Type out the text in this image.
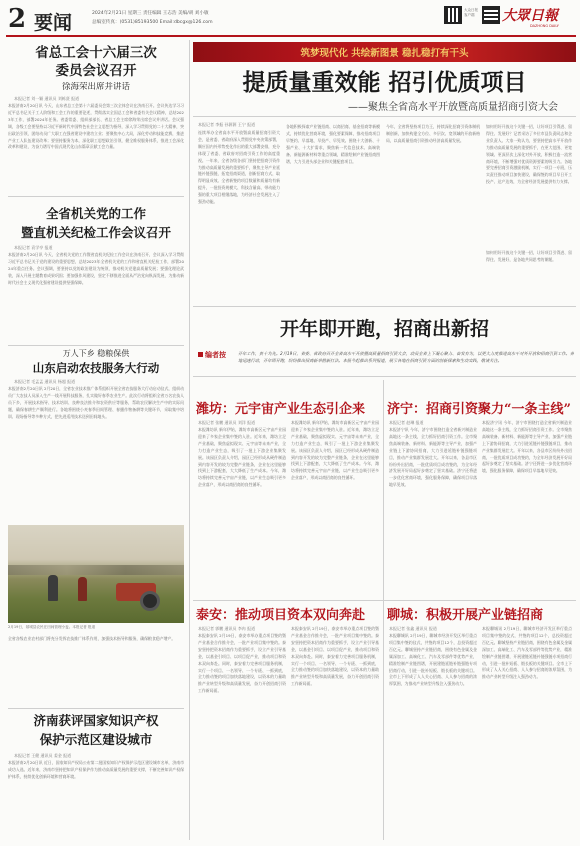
2 要闻	2024年2月21日 星期三 责任编辑 王志浩 美编/胡 刘小敏
总编室传真：(0531)85193500 Email:dbcgx@126.com
大众日报
客户端 大眾日報
DAZHONG DAILY
省总工会十六届三次
委员会议召开
徐海荣出席并讲话
本报记者 刘一颖 通讯员 刘栋贤 报道
本报济南2月20日讯 今天，山东省总工会第十六届委员会第三次全体会议在济南召开。会议传达学习习近平总书记关于工人阶级和工会工作的重要论述，贯彻落实全国总工会和省委有关会议精神，总结2023年工作，部署2024年任务。省委常委、组织部部长、省总工会主席徐海荣出席会议并讲话。会议强调，各级工会要坚持以习近平新时代中国特色社会主义思想为指导，深入学习贯彻党的二十大精神，突出政治引领，团结动员广大职工在强省建设中建功立业；要聚焦中心大局，深化劳动和技能竞赛，推进产业工人队伍建设改革；要坚持服务为本，深化职工思想政治引领，健全维权服务体系，推进工会深化改革和建设，为奋力谱写中国式现代化山东篇章贡献工会力量。
全省机关党的工作
暨直机关纪检工作会议召开
本报记者 袁学亭 报道
本报济南2月20日讯 今天，全省机关党的工作暨省直机关纪检工作会议在济南召开，会议深入学习贯彻习近平总书记关于党的建设的重要思想，总结2023年全省机关党的工作和省直机关纪检工作，部署2024年重点任务。会议强调，要坚持以党的政治建设为统领，推动机关党建高质量发展；要强化理论武装，深入开展主题教育成果巩固；要加强作风建设，坚定不移推进全面从严治党向纵深发展，为推动新时代社会主义现代化强省建设提供坚强保障。
万人下乡 稳粮保供
山东启动农技服务大行动
本报记者 毛孟孟 通讯员 杨超 报道
本报济南2月20日讯 2月20日，全省农业技术推广体系组织开展全省农技服务大行动启动仪式，组织动员广大农技人员深入生产一线开展科技服务，扎实做好春季农业生产。此次行动将组织全省万名农技人员下乡，开展技术指导、技术培训、良种良法推介和农资供应等服务，帮助农民解决生产中的实际问题，确保春耕生产顺利进行。各地将围绕小麦春季田间管理、春播作物备耕等关键环节，采取集中培训、现场指导等多种方式，把先进适用技术送到田间地头。
2月19日，郯城县农民在田间管理小麦。本报记者 报道
全省各级农业农村部门将充分发挥农技推广体系作用，加强技术指导和服务，确保粮食稳产增产。
济南获评国家知识产权
保护示范区建设城市
本报记者 王健 通讯员 姜金 报道
本报济南2月20日讯 近日，国家知识产权局公布第二批国家知识产权保护示范区建设城市名单，济南市成功入选。近年来，济南市坚持把知识产权保护作为推动高质量发展的重要支撑，不断完善知识产权保护体系，持续优化创新环境和营商环境。
筑梦现代化 共绘新图景 稳扎稳打有干头
提质量重效能 招引优质项目
——聚焦全省高水平开放暨高质量招商引资大会
本报记者 李振 孙源源 王宁 报道
连续举办全省高水平开放暨高质量招商引资大会，是省委、省政府深入贯彻党中央决策部署，顺应国内外形势变化作出的重大部署安排，充分体现了省委、省政府对招商引资工作的高度重视。一年来，全省各级各部门坚持把招商引资作为推动高质量发展的重要抓手，聚焦主导产业延链补链强链，拓宽招商渠道，创新招商方式，取得明显成效。全省新签约项目数量和质量均有新提升，一批投资规模大、科技含量高、带动能力强的重大项目相继落地，为经济社会发展注入了强劲动能。
各地积极探索产业链招商、以商招商、基金招商等新模式，持续优化营商环境，强化要素保障，推动招商项目早签约、早落地、早投产、早见效。围绕十大创新、十强产业、十大扩需求，聚焦新一代信息技术、高端装备、新能源新材料等重点领域，精准绘制产业链招商图谱，大力引进头部企业和关键配套项目。
今年，全省将坚持项目为王，持续深化招商引资体制机制创新，加快构建全方位、多层次、宽领域的开放新格局，以高质量招商引资推动经济高质量发展。
如何用好开放这个关键一招，让好项目引得进、留得住、发展好？记者采访了多位市县负责同志和企业负责人。大家一致认为，要坚持把高水平开放作为推动高质量发展的重要抓手，在更大范围、更宽领域、更深层次上深化对外开放，积极打造一流营商环境，不断增强对优质资源要素的吸引力。各地要完善招商引资激励机制，实行一项目一专班，压实责任推动项目加快建设，确保签约项目早日开工投产、达产达效，为全省经济发展提供有力支撑。
如何用好开放这个关键一招，让好项目引得进、留得住、发展好，是各地共同思考的课题。
开年即开跑，招商出新招
编者按	开年工作，贵十为先。2月19日，省委、省政府召开全省高水平开放暨高质量招商引资大会，动员全省上下凝心聚力、奋发有为，以更大力度推进高水平对外开放和招商引资工作。各地迅速行动，开年即开跑，纷纷推出招商新举措新打法。本报今起推出系列报道，展示各地在招商引资方面的创新探索和生动实践，敬请关注。
潍坊：元宇宙产业生态引企来
本报记者 张鹏 通讯员 刘洋 报道
本报潍坊讯 新年伊始，潍坊市高新区元宇宙产业园迎来了多家企业集中签约入驻。近年来，潍坊立足产业基础，聚焦虚拟现实、元宇宙等未来产业，全力打造产业生态，吸引了一批上下游企业集聚发展。该园区负责人介绍，园区已经形成从硬件制造到内容开发的较为完整产业链条，企业在这里能够找到上下游配套，大大降低了生产成本。今年，潍坊将持续完善元宇宙产业链，以产业生态吸引更多企业落户，形成以商招商的良性循环。
本报潍坊讯 新年伊始，潍坊市高新区元宇宙产业园迎来了多家企业集中签约入驻。近年来，潍坊立足产业基础，聚焦虚拟现实、元宇宙等未来产业，全力打造产业生态，吸引了一批上下游企业集聚发展。该园区负责人介绍，园区已经形成从硬件制造到内容开发的较为完整产业链条，企业在这里能够找到上下游配套，大大降低了生产成本。今年，潍坊将持续完善元宇宙产业链，以产业生态吸引更多企业落户，形成以商招商的良性循环。
济宁：招商引资聚力“一条主线”
本报记者 赵琳 报道
本报济宁讯 今年，济宁市围绕打造全省新兴制造业高地这一条主线，全力抓好招商引资工作。全市聚焦高端装备、新材料、新能源等主导产业，加强产业链上下游协同招商，大力引进延链补链强链项目，推动产业集群发展壮大。开年以来，各县市区纷纷外出招商，一批优质项目成功签约，为全年经济发展开好局起好步奠定了坚实基础。济宁还将进一步优化营商环境，强化服务保障，确保项目早落地早见效。
本报济宁讯 今年，济宁市围绕打造全省新兴制造业高地这一条主线，全力抓好招商引资工作。全市聚焦高端装备、新材料、新能源等主导产业，加强产业链上下游协同招商，大力引进延链补链强链项目，推动产业集群发展壮大。开年以来，各县市区纷纷外出招商，一批优质项目成功签约，为全年经济发展开好局起好步奠定了坚实基础。济宁还将进一步优化营商环境，强化服务保障，确保项目早落地早见效。
泰安：推动项目资本双向奔赴
本报记者 郭鹏 通讯员 李冉 报道
本报泰安讯 2月19日，泰安市举办重点项目签约暨产业基金合作推介会，一批产业项目集中签约。泰安坚持把资本招商作为重要抓手，设立产业引导基金，以基金引项目、以项目促产业，推动项目和资本双向奔赴。同时，泰安着力完善项目服务机制，实行一个项目、一名领导、一个专班、一抓到底，全力推动签约项目加快落地建设，以资本的力量助推产业转型升级和高质量发展，奋力开创招商引资工作新局面。
本报泰安讯 2月19日，泰安市举办重点项目签约暨产业基金合作推介会，一批产业项目集中签约。泰安坚持把资本招商作为重要抓手，设立产业引导基金，以基金引项目、以项目促产业，推动项目和资本双向奔赴。同时，泰安着力完善项目服务机制，实行一个项目、一名领导、一个专班、一抓到底，全力推动签约项目加快落地建设，以资本的力量助推产业转型升级和高质量发展，奋力开创招商引资工作新局面。
聊城：积极开展产业链招商
本报记者 张鑫 通讯员 报道
本报聊城讯 2月19日，聊城市经济开发区举行重点项目集中签约仪式，共签约项目12个，总投资超过百亿元。聊城坚持产业链招商，围绕有色金属及金属深加工、高端化工、汽车及零部件等优势产业，精准绘制产业链图谱，开展建链延链补链强链专项招商行动，引进一批补短板、锻长板的关键项目。全市上下形成了人人关心招商、人人参与招商的浓厚氛围，为推动产业转型升级注入强劲动力。
本报聊城讯 2月19日，聊城市经济开发区举行重点项目集中签约仪式，共签约项目12个，总投资超过百亿元。聊城坚持产业链招商，围绕有色金属及金属深加工、高端化工、汽车及零部件等优势产业，精准绘制产业链图谱，开展建链延链补链强链专项招商行动，引进一批补短板、锻长板的关键项目。全市上下形成了人人关心招商、人人参与招商的浓厚氛围，为推动产业转型升级注入强劲动力。
